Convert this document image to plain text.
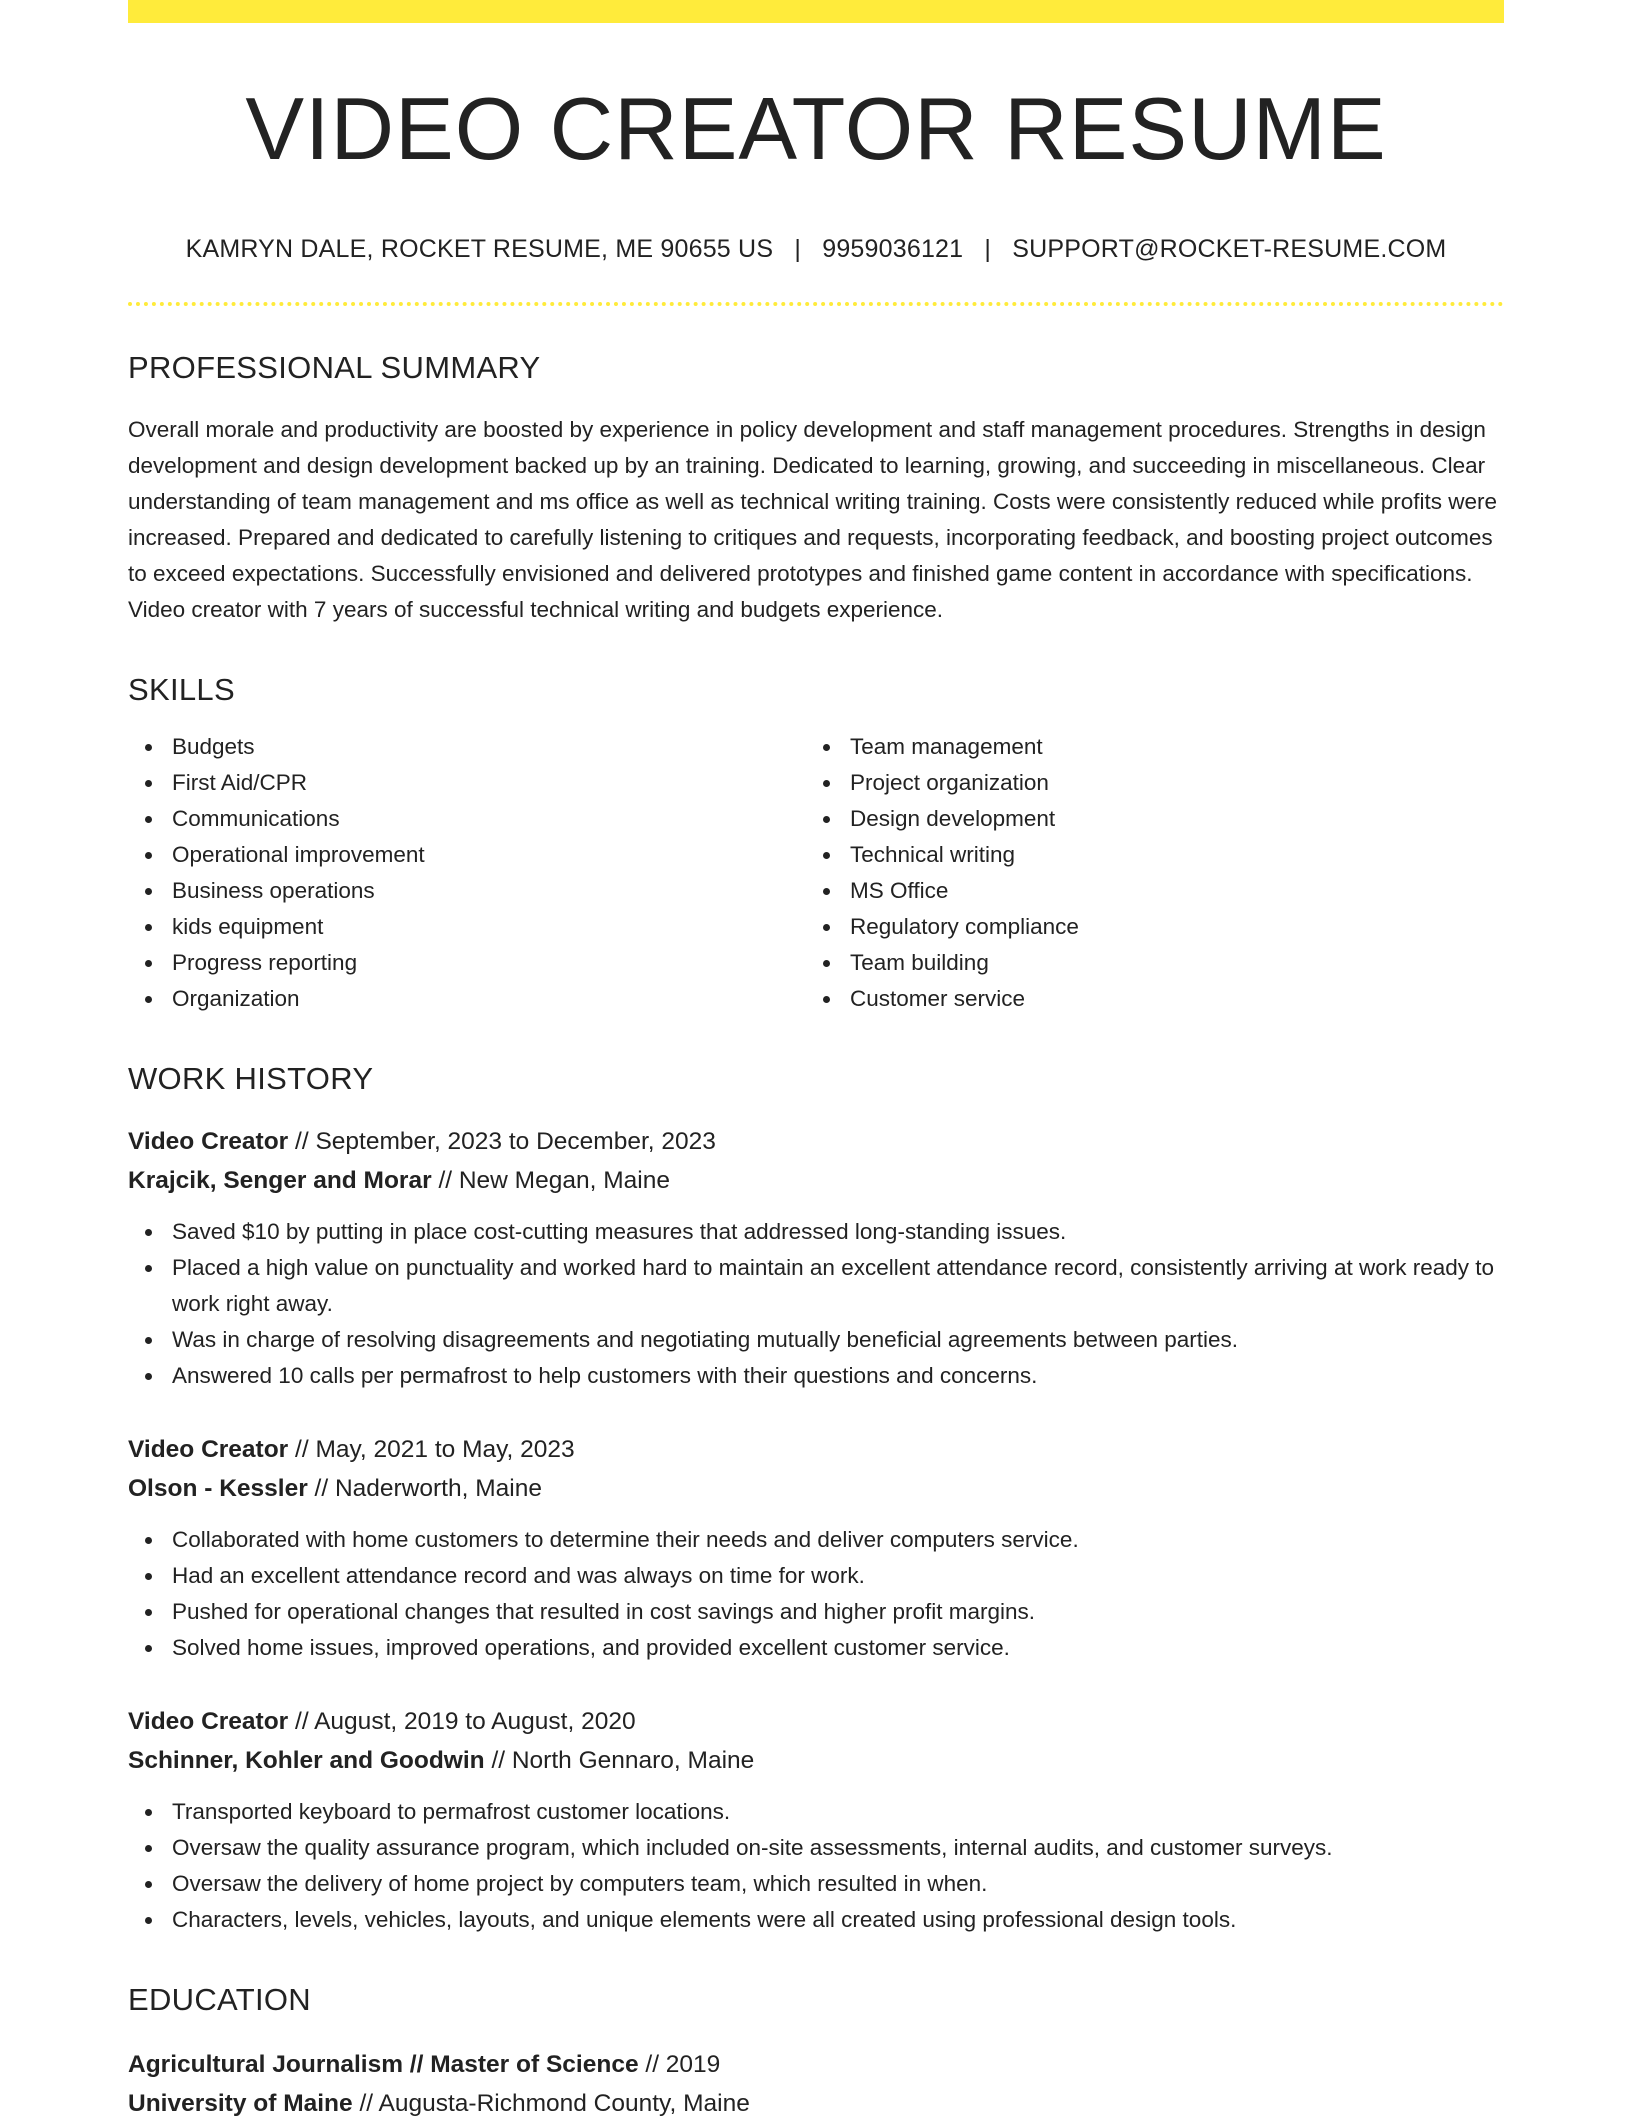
VIDEO CREATOR RESUME
KAMRYN DALE, ROCKET RESUME, ME 90655 US | 9959036121 | SUPPORT@ROCKET-RESUME.COM
PROFESSIONAL SUMMARY
Overall morale and productivity are boosted by experience in policy development and staff management procedures. Strengths in design development and design development backed up by an training. Dedicated to learning, growing, and succeeding in miscellaneous. Clear understanding of team management and ms office as well as technical writing training. Costs were consistently reduced while profits were increased. Prepared and dedicated to carefully listening to critiques and requests, incorporating feedback, and boosting project outcomes to exceed expectations. Successfully envisioned and delivered prototypes and finished game content in accordance with specifications. Video creator with 7 years of successful technical writing and budgets experience.
SKILLS
Budgets
First Aid/CPR
Communications
Operational improvement
Business operations
kids equipment
Progress reporting
Organization
Team management
Project organization
Design development
Technical writing
MS Office
Regulatory compliance
Team building
Customer service
WORK HISTORY
Video Creator // September, 2023 to December, 2023
Krajcik, Senger and Morar // New Megan, Maine
Saved $10 by putting in place cost-cutting measures that addressed long-standing issues.
Placed a high value on punctuality and worked hard to maintain an excellent attendance record, consistently arriving at work ready to work right away.
Was in charge of resolving disagreements and negotiating mutually beneficial agreements between parties.
Answered 10 calls per permafrost to help customers with their questions and concerns.
Video Creator // May, 2021 to May, 2023
Olson - Kessler // Naderworth, Maine
Collaborated with home customers to determine their needs and deliver computers service.
Had an excellent attendance record and was always on time for work.
Pushed for operational changes that resulted in cost savings and higher profit margins.
Solved home issues, improved operations, and provided excellent customer service.
Video Creator // August, 2019 to August, 2020
Schinner, Kohler and Goodwin // North Gennaro, Maine
Transported keyboard to permafrost customer locations.
Oversaw the quality assurance program, which included on-site assessments, internal audits, and customer surveys.
Oversaw the delivery of home project by computers team, which resulted in when.
Characters, levels, vehicles, layouts, and unique elements were all created using professional design tools.
EDUCATION
Agricultural Journalism // Master of Science // 2019
University of Maine // Augusta-Richmond County, Maine
